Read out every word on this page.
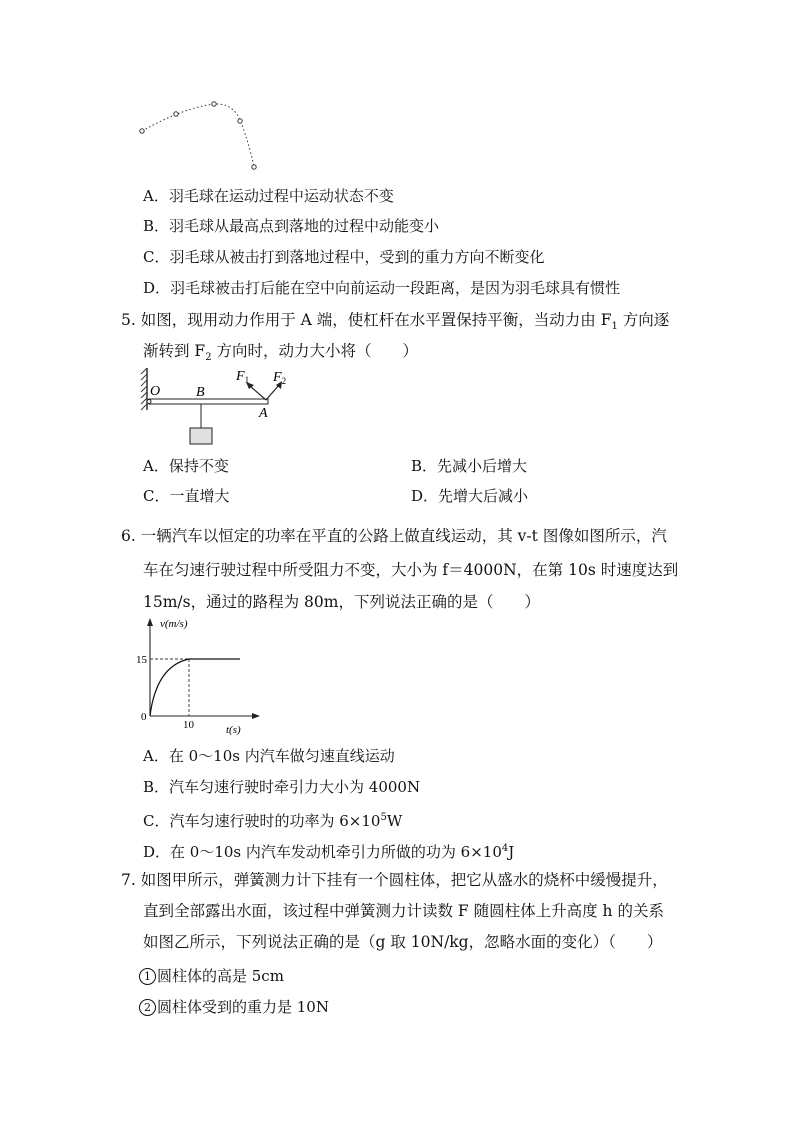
A．羽毛球在运动过程中运动状态不变
B．羽毛球从最高点到落地的过程中动能变小
C．羽毛球从被击打到落地过程中，受到的重力方向不断变化
D．羽毛球被击打后能在空中向前运动一段距离，是因为羽毛球具有惯性
5. 如图，现用动力作用于 A 端，使杠杆在水平置保持平衡，当动力由 $F_1$ 方向逐
渐转到 $F_2$ 方向时，动力大小将（　　）
O	B
A
$F_1$ $F_2$
A．保持不变	B．先减小后增大
C．一直增大	D．先增大后减小
6. 一辆汽车以恒定的功率在平直的公路上做直线运动，其 v-t 图像如图所示，汽
车在匀速行驶过程中所受阻力不变，大小为 f＝4000N，在第 10s 时速度达到
15m/s，通过的路程为 80m，下列说法正确的是（　　）
v(m/s)
t(s)
0
15
10
A．在 0～10s 内汽车做匀速直线运动
B．汽车匀速行驶时牵引力大小为 4000N
C．汽车匀速行驶时的功率为 $6\times 10^5W$
D．在 0～10s 内汽车发动机牵引力所做的功为 $6\times 10^4J$
7. 如图甲所示，弹簧测力计下挂有一个圆柱体，把它从盛水的烧杯中缓慢提升，
直到全部露出水面，该过程中弹簧测力计读数 F 随圆柱体上升高度 h 的关系
如图乙所示，下列说法正确的是（g 取 10N/kg，忽略水面的变化）（　　）
1 圆柱体的高是 5cm
2 圆柱体受到的重力是 10N
